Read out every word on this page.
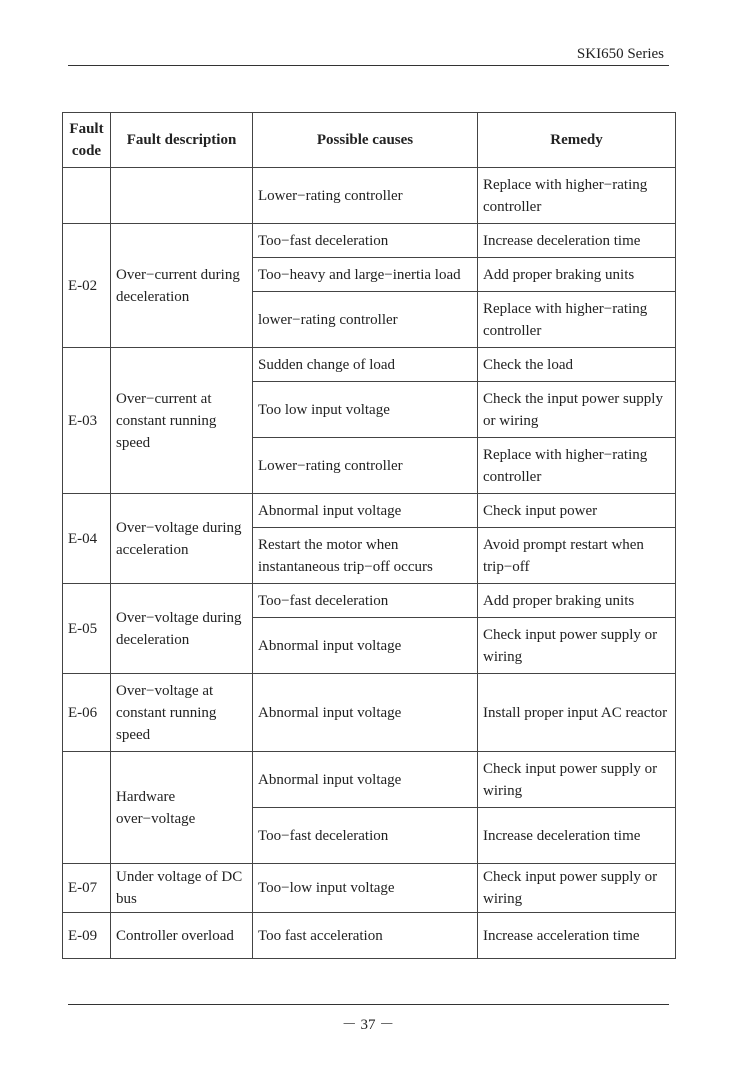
SKI650 Series
Fault code	Fault description	Possible causes	Remedy
		Lower−rating controller	Replace with higher−rating controller
E-02	Over−current during deceleration	Too−fast deceleration	Increase deceleration time
		Too−heavy and large−inertia load	Add proper braking units
		lower−rating controller	Replace with higher−rating controller
E-03	Over−current at constant running speed	Sudden change of load	Check the load
		Too low input voltage	Check the input power supply or wiring
		Lower−rating controller	Replace with higher−rating controller
E-04	Over−voltage during acceleration	Abnormal input voltage	Check input power
		Restart the motor when instantaneous trip−off occurs	Avoid prompt restart when trip−off
E-05	Over−voltage during deceleration	Too−fast deceleration	Add proper braking units
		Abnormal input voltage	Check input power supply or wiring
E-06	Over−voltage at constant running speed	Abnormal input voltage	Install proper input AC reactor
	Hardware over−voltage	Abnormal input voltage	Check input power supply or wiring
		Too−fast deceleration	Increase deceleration time
E-07	Under voltage of DC bus	Too−low input voltage	Check input power supply or wiring
E-09	Controller overload	Too fast acceleration	Increase acceleration time
－ 37 －
